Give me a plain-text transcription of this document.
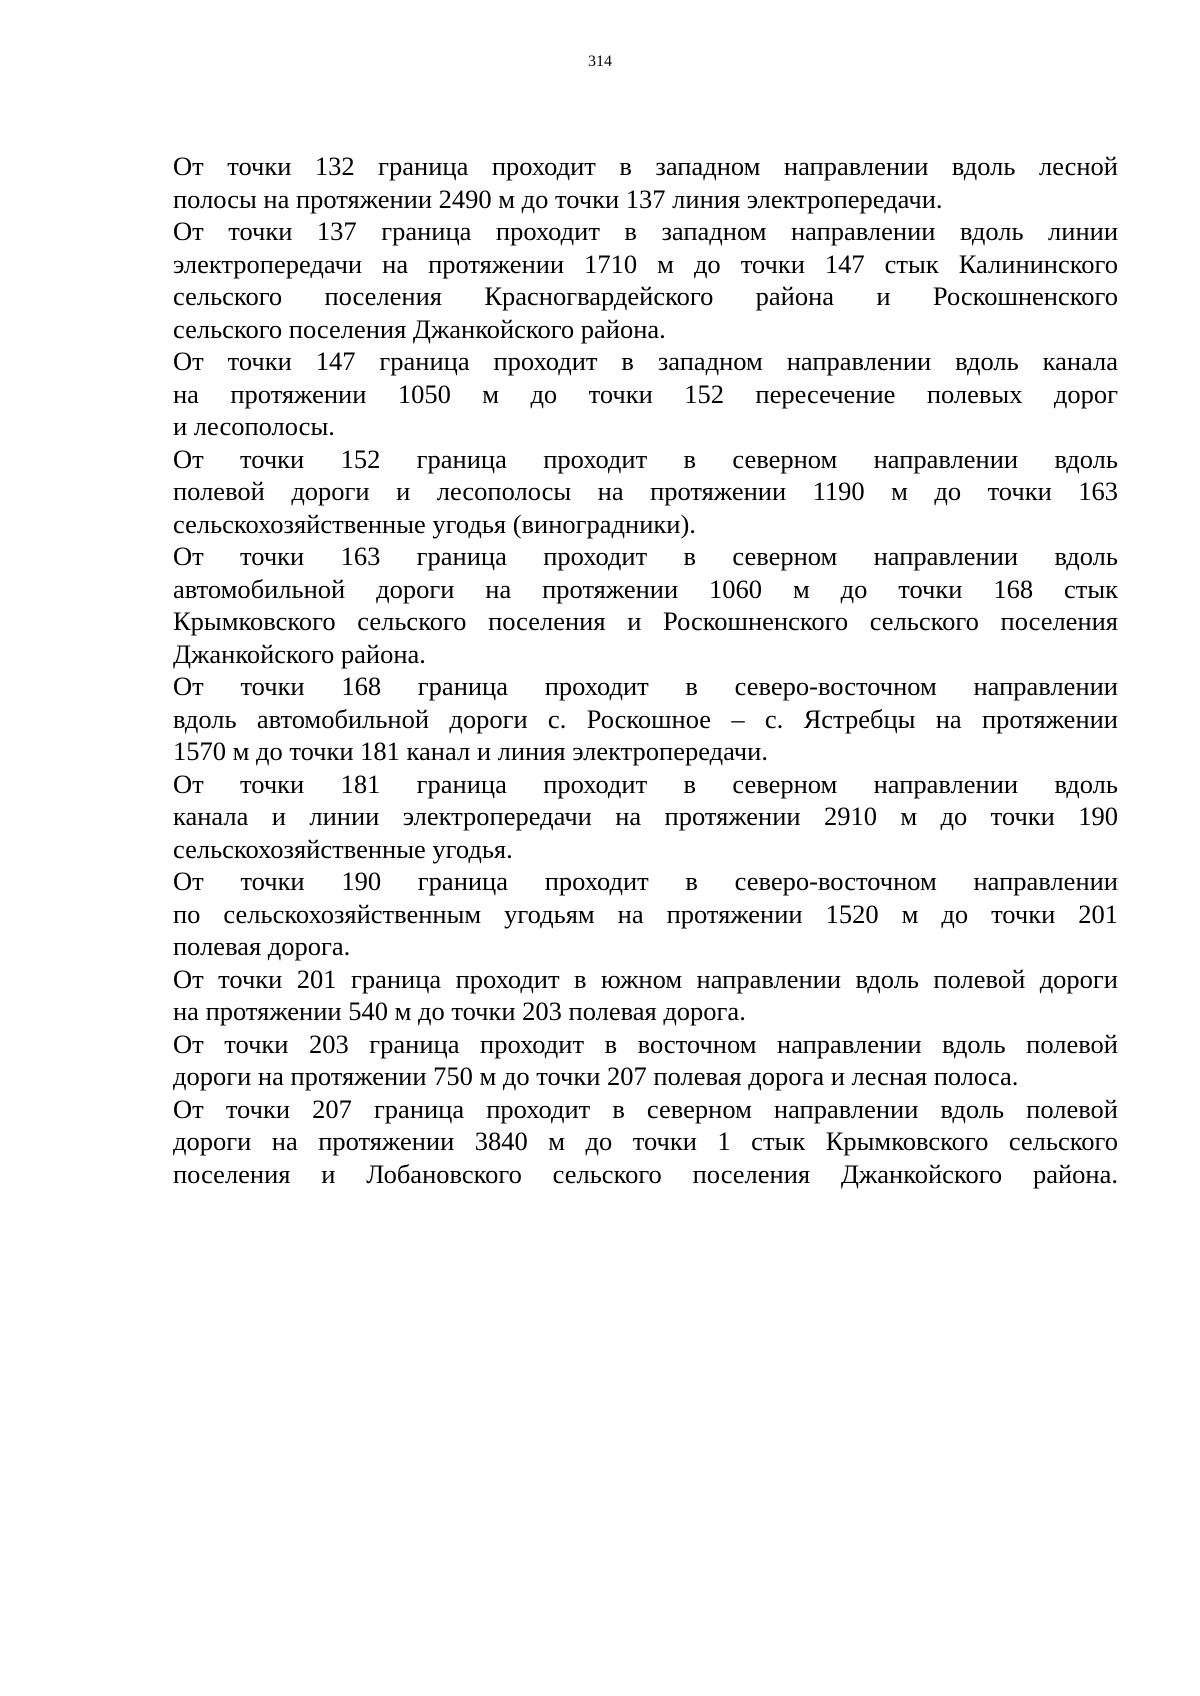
314
От точки 132 граница проходит в западном направлении вдоль лесной
полосы на протяжении 2490 м до точки 137 линия электропередачи.
От точки 137 граница проходит в западном направлении вдоль линии
электропередачи на протяжении 1710 м до точки 147 стык Калининского
сельского поселения Красногвардейского района и Роскошненского
сельского поселения Джанкойского района.
От точки 147 граница проходит в западном направлении вдоль канала
на протяжении 1050 м до точки 152 пересечение полевых дорог
и лесополосы.
От точки 152 граница проходит в северном направлении вдоль
полевой дороги и лесополосы на протяжении 1190 м до точки 163
сельскохозяйственные угодья (виноградники).
От точки 163 граница проходит в северном направлении вдоль
автомобильной дороги на протяжении 1060 м до точки 168 стык
Крымковского сельского поселения и Роскошненского сельского поселения
Джанкойского района.
От точки 168 граница проходит в северо-восточном направлении
вдоль автомобильной дороги с. Роскошное – с. Ястребцы на протяжении
1570 м до точки 181 канал и линия электропередачи.
От точки 181 граница проходит в северном направлении вдоль
канала и линии электропередачи на протяжении 2910 м до точки 190
сельскохозяйственные угодья.
От точки 190 граница проходит в северо-восточном направлении
по сельскохозяйственным угодьям на протяжении 1520 м до точки 201
полевая дорога.
От точки 201 граница проходит в южном направлении вдоль полевой дороги
на протяжении 540 м до точки 203 полевая дорога.
От точки 203 граница проходит в восточном направлении вдоль полевой
дороги на протяжении 750 м до точки 207 полевая дорога и лесная полоса.
От точки 207 граница проходит в северном направлении вдоль полевой
дороги на протяжении 3840 м до точки 1 стык Крымковского сельского
поселения и Лобановского сельского поселения Джанкойского района.
